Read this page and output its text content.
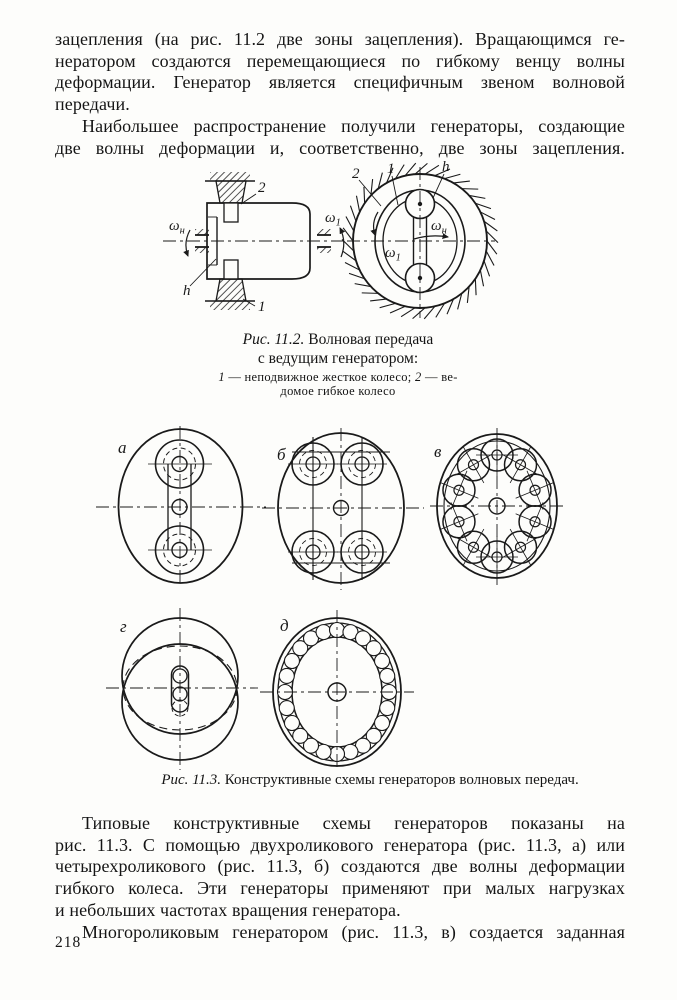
зацепления (на рис. 11.2 две зоны зацепления). Вращающимся ге-
нератором создаются перемещающиеся по гибкому венцу волны
деформации. Генератор является специфичным звеном волновой
передачи.
Наибольшее распространение получили генераторы, создающие
две волны деформации и, соответственно, две зоны зацепления.
$\omega_н$
$\omega_1$
2
h
1
$\omega_н$
$\omega_1$
2 1	h
Рис. 11.2. Волновая передача
с ведущим генератором:
1 — неподвижное жесткое колесо; 2 — ве-
домое гибкое колесо
а	б	в
г	д
Рис. 11.3. Конструктивные схемы генераторов волновых передач.
Типовые конструктивные схемы генераторов показаны на
рис. 11.3. С помощью двухроликового генератора (рис. 11.3, а) или
четырехроликового (рис. 11.3, б) создаются две волны деформации
гибкого колеса. Эти генераторы применяют при малых нагрузках
и небольших частотах вращения генератора.
Многороликовым генератором (рис. 11.3, в) создается заданная
218
